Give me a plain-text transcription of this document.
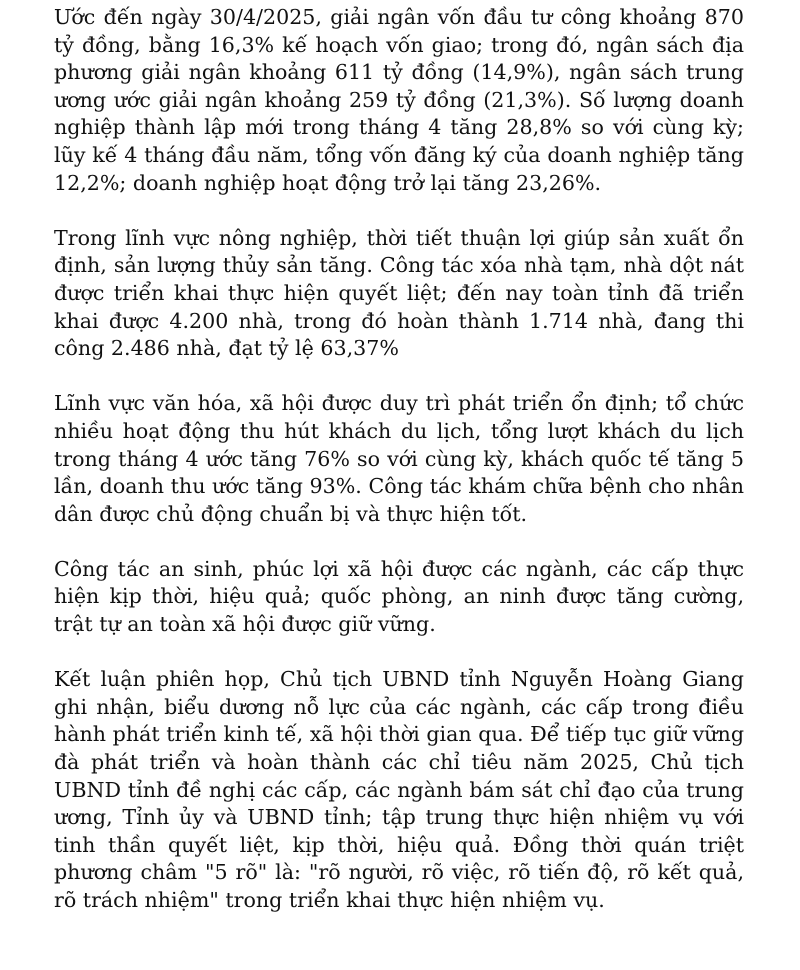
Ước đến ngày 30/4/2025, giải ngân vốn đầu tư công khoảng 870 tỷ đồng, bằng 16,3% kế hoạch vốn giao; trong đó, ngân sách địa phương giải ngân khoảng 611 tỷ đồng (14,9%), ngân sách trung ương ước giải ngân khoảng 259 tỷ đồng (21,3%). Số lượng doanh nghiệp thành lập mới trong tháng 4 tăng 28,8% so với cùng kỳ; lũy kế 4 tháng đầu năm, tổng vốn đăng ký của doanh nghiệp tăng 12,2%; doanh nghiệp hoạt động trở lại tăng 23,26%.

Trong lĩnh vực nông nghiệp, thời tiết thuận lợi giúp sản xuất ổn định, sản lượng thủy sản tăng. Công tác xóa nhà tạm, nhà dột nát được triển khai thực hiện quyết liệt; đến nay toàn tỉnh đã triển khai được 4.200 nhà, trong đó hoàn thành 1.714 nhà, đang thi công 2.486 nhà, đạt tỷ lệ 63,37%

Lĩnh vực văn hóa, xã hội được duy trì phát triển ổn định; tổ chức nhiều hoạt động thu hút khách du lịch, tổng lượt khách du lịch trong tháng 4 ước tăng 76% so với cùng kỳ, khách quốc tế tăng 5 lần, doanh thu ước tăng 93%. Công tác khám chữa bệnh cho nhân dân được chủ động chuẩn bị và thực hiện tốt.

Công tác an sinh, phúc lợi xã hội được các ngành, các cấp thực hiện kịp thời, hiệu quả; quốc phòng, an ninh được tăng cường, trật tự an toàn xã hội được giữ vững.

Kết luận phiên họp, Chủ tịch UBND tỉnh Nguyễn Hoàng Giang ghi nhận, biểu dương nỗ lực của các ngành, các cấp trong điều hành phát triển kinh tế, xã hội thời gian qua. Để tiếp tục giữ vững đà phát triển và hoàn thành các chỉ tiêu năm 2025, Chủ tịch UBND tỉnh đề nghị các cấp, các ngành bám sát chỉ đạo của trung ương, Tỉnh ủy và UBND tỉnh; tập trung thực hiện nhiệm vụ với tinh thần quyết liệt, kịp thời, hiệu quả. Đồng thời quán triệt phương châm "5 rõ" là: "rõ người, rõ việc, rõ tiến độ, rõ kết quả, rõ trách nhiệm" trong triển khai thực hiện nhiệm vụ.
